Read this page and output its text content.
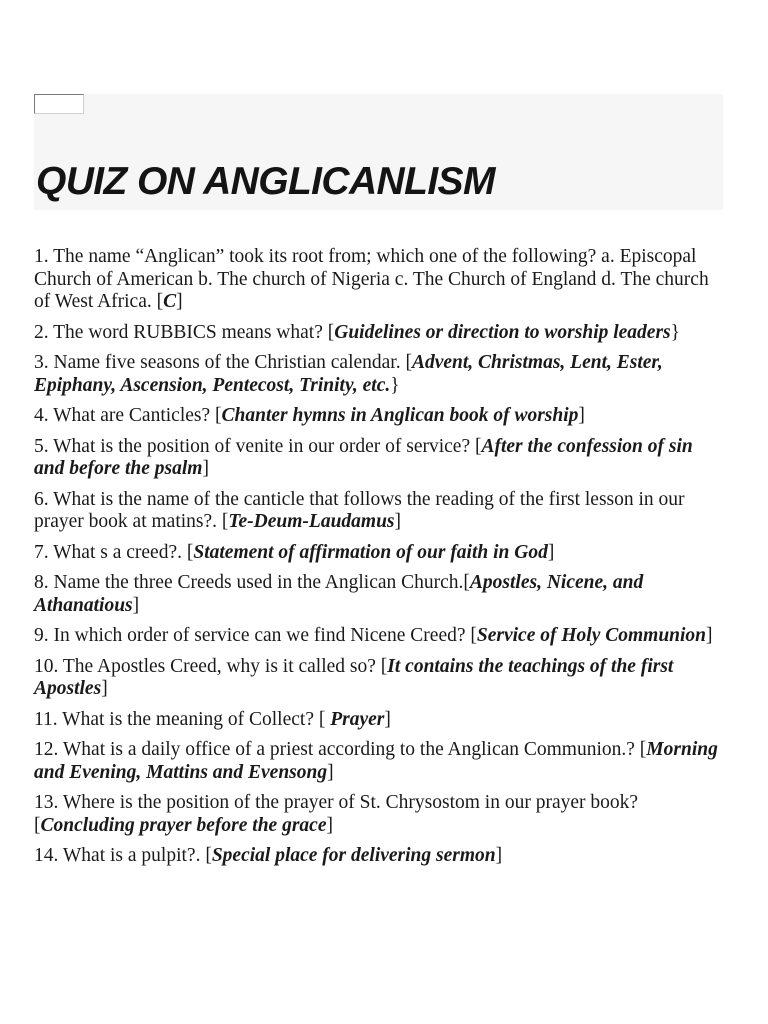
QUIZ ON ANGLICANLISM
1. The name “Anglican” took its root from; which one of the following? a. Episcopal Church of American b. The church of Nigeria c. The Church of England d. The church of West Africa. [C]
2. The word RUBBICS means what? [Guidelines or direction to worship leaders}
3. Name five seasons of the Christian calendar. [Advent, Christmas, Lent, Ester, Epiphany, Ascension, Pentecost, Trinity, etc.}
4. What are Canticles? [Chanter hymns in Anglican book of worship]
5. What is the position of venite in our order of service? [After the confession of sin and before the psalm]
6. What is the name of the canticle that follows the reading of the first lesson in our prayer book at matins?. [Te-Deum-Laudamus]
7. What s a creed?. [Statement of affirmation of our faith in God]
8. Name the three Creeds used in the Anglican Church.[Apostles, Nicene, and Athanatious]
9. In which order of service can we find Nicene Creed? [Service of Holy Communion]
10. The Apostles Creed, why is it called so? [It contains the teachings of the first Apostles]
11. What is the meaning of Collect? [ Prayer]
12. What is a daily office of a priest according to the Anglican Communion.? [Morning and Evening, Mattins and Evensong]
13. Where is the position of the prayer of St. Chrysostom in our prayer book? [Concluding prayer before the grace]
14. What is a pulpit?. [Special place for delivering sermon]
